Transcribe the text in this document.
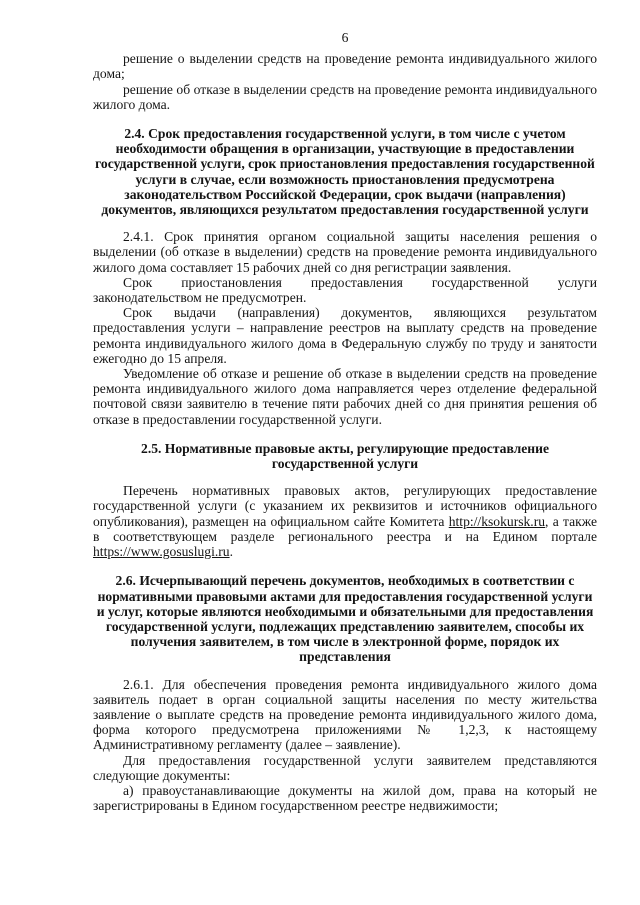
6

решение о выделении средств на проведение ремонта индивидуального жилого дома;

решение об отказе в выделении средств на проведение ремонта индивидуального жилого дома.

2.4. Срок предоставления государственной услуги, в том числе с учетом необходимости обращения в организации, участвующие в предоставлении государственной услуги, срок приостановления предоставления государственной услуги в случае, если возможность приостановления предусмотрена законодательством Российской Федерации, срок выдачи (направления) документов, являющихся результатом предоставления государственной услуги

2.4.1. Срок принятия органом социальной защиты населения решения о выделении (об отказе в выделении) средств на проведение ремонта индивидуального жилого дома составляет 15 рабочих дней со дня регистрации заявления.

Срок приостановления предоставления государственной услуги законодательством не предусмотрен.

Срок выдачи (направления) документов, являющихся результатом предоставления услуги – направление реестров на выплату средств на проведение ремонта индивидуального жилого дома в Федеральную службу по труду и занятости ежегодно до 15 апреля.

Уведомление об отказе и решение об отказе в выделении средств на проведение ремонта индивидуального жилого дома направляется через отделение федеральной почтовой связи заявителю в течение пяти рабочих дней со дня принятия решения об отказе в предоставлении государственной услуги.

2.5. Нормативные правовые акты, регулирующие предоставление государственной услуги

Перечень нормативных правовых актов, регулирующих предоставление государственной услуги (с указанием их реквизитов и источников официального опубликования), размещен на официальном сайте Комитета http://ksokursk.ru, а также в соответствующем разделе регионального реестра и на Едином портале https://www.gosuslugi.ru.

2.6. Исчерпывающий перечень документов, необходимых в соответствии с нормативными правовыми актами для предоставления государственной услуги и услуг, которые являются необходимыми и обязательными для предоставления государственной услуги, подлежащих представлению заявителем, способы их получения заявителем, в том числе в электронной форме, порядок их представления

2.6.1. Для обеспечения проведения ремонта индивидуального жилого дома заявитель подает в орган социальной защиты населения по месту жительства заявление о выплате средств на проведение ремонта индивидуального жилого дома, форма которого предусмотрена приложениями № 1,2,3, к настоящему Административному регламенту (далее – заявление).

Для предоставления государственной услуги заявителем представляются следующие документы:

а) правоустанавливающие документы на жилой дом, права на который не зарегистрированы в Едином государственном реестре недвижимости;
